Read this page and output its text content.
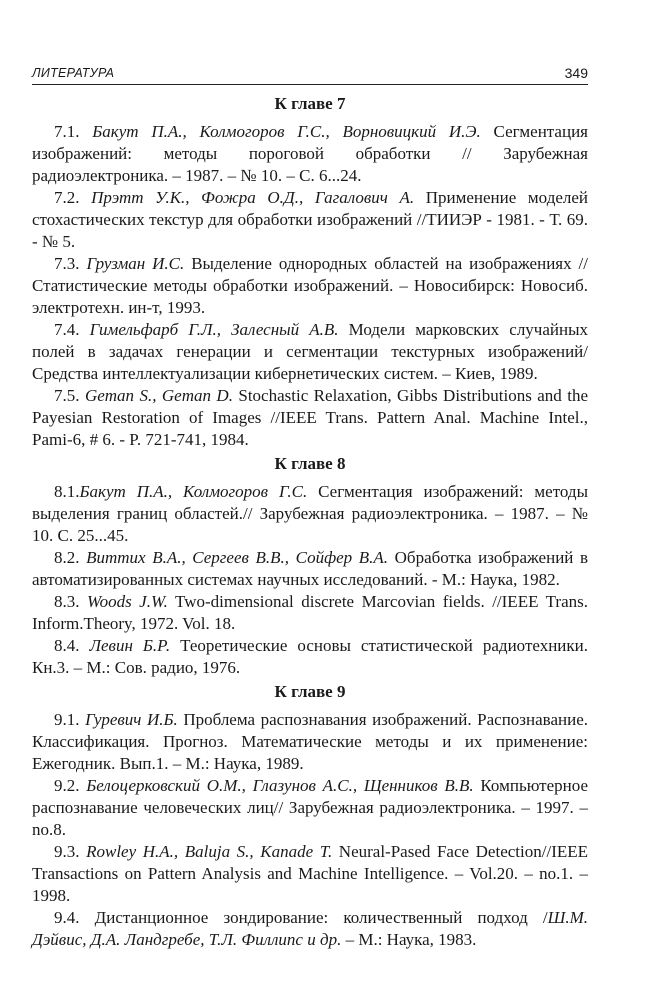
ЛИТЕРАТУРА	349
К главе 7

7.1. Бакут П.А., Колмогоров Г.С., Ворновицкий И.Э. Сегментация изображений: методы пороговой обработки // Зарубежная радиоэлектроника. – 1987. – № 10. – С. 6...24.

7.2. Прэтт У.К., Фожра О.Д., Гагалович А. Применение моделей стохастических текстур для обработки изображений //ТИИЭР - 1981. - Т. 69. - № 5.

7.3. Грузман И.С. Выделение однородных областей на изображениях // Статистические методы обработки изображений. – Новосибирск: Новосиб. электротехн. ин-т, 1993.

7.4. Гимельфарб Г.Л., Залесный А.В. Модели марковских случайных полей в задачах генерации и сегментации текстурных изображений/ Средства интеллектуализации кибернетических систем. – Киев, 1989.

7.5. Geman S., Geman D. Stochastic Relaxation, Gibbs Distributions and the Payesian Restoration of Images //IEEE Trans. Pattern Anal. Machine Intel., Pami-6, # 6. - P. 721-741, 1984.

К главе 8

8.1.Бакут П.А., Колмогоров Г.С. Сегментация изображений: методы выделения границ областей.// Зарубежная радиоэлектроника. – 1987. – № 10. С. 25...45.

8.2. Виттих В.А., Сергеев В.В., Сойфер В.А. Обработка изображений в автоматизированных системах научных исследований. - М.: Наука, 1982.

8.3. Woods J.W. Two-dimensional discrete Marcovian fields. //IEEE Trans. Inform.Theory, 1972. Vol. 18.

8.4. Левин Б.Р. Теоретические основы статистической радиотехники. Кн.3. – М.: Сов. радио, 1976.

К главе 9

9.1. Гуревич И.Б. Проблема распознавания изображений. Распознавание. Классификация. Прогноз. Математические методы и их применение: Ежегодник. Вып.1. – М.: Наука, 1989.

9.2. Белоцерковский О.М., Глазунов А.С., Щенников В.В. Компьютерное распознавание человеческих лиц// Зарубежная радиоэлектроника. – 1997. – no.8.

9.3. Rowley H.A., Baluja S., Kanade T. Neural-Pased Face Detection//IEEE Transactions on Pattern Analysis and Machine Intelligence. – Vol.20. – no.1. – 1998.

9.4. Дистанционное зондирование: количественный подход /Ш.М. Дэйвис, Д.А. Ландгребе, Т.Л. Филлипс и др. – М.: Наука, 1983.
